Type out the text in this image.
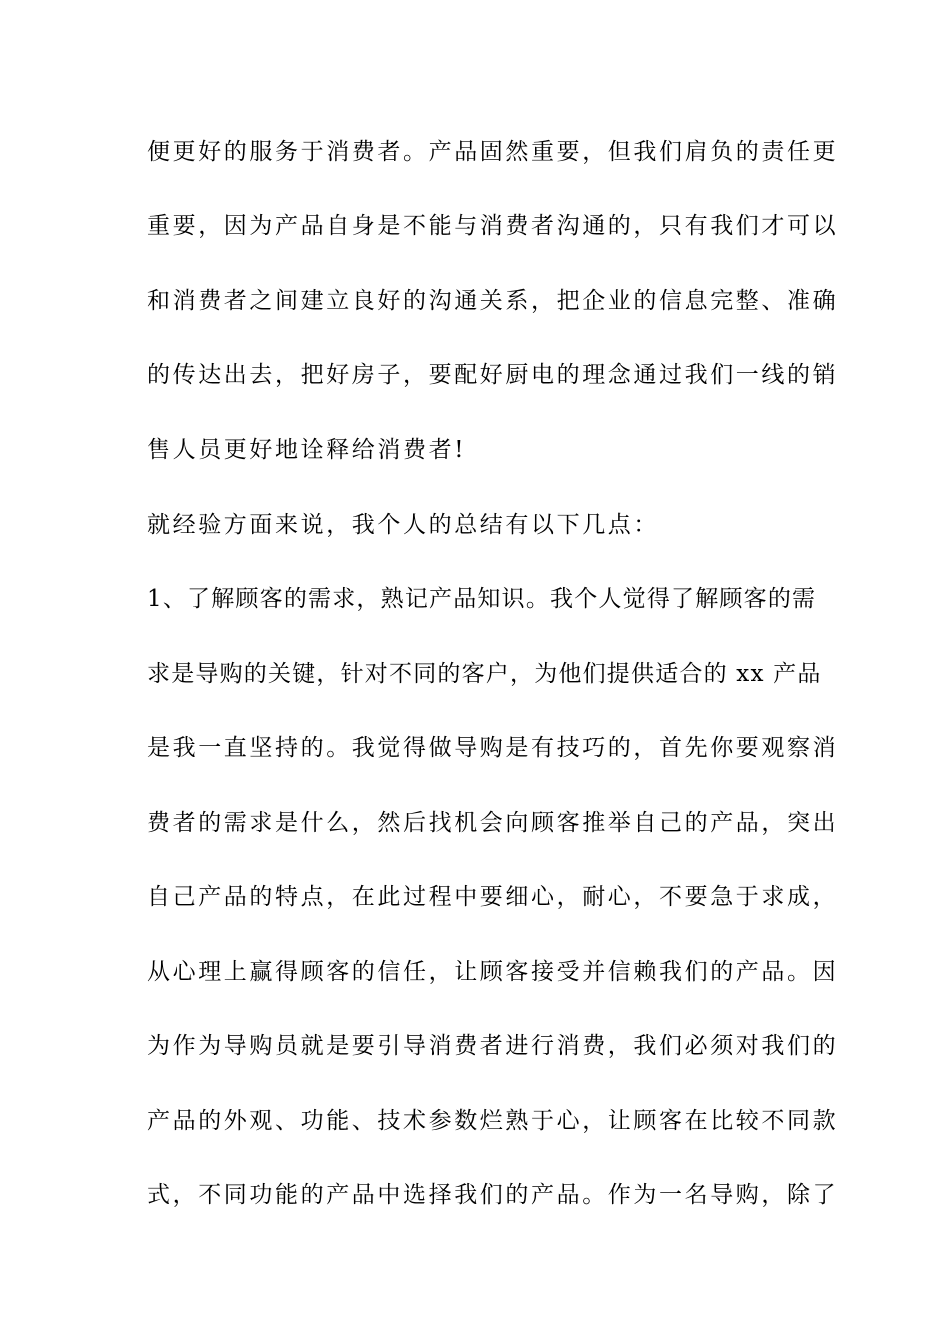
便更好的服务于消费者。产品固然重要，但我们肩负的责任更
重要，因为产品自身是不能与消费者沟通的，只有我们才可以
和消费者之间建立良好的沟通关系，把企业的信息完整、准确
的传达出去，把好房子，要配好厨电的理念通过我们一线的销
售人员更好地诠释给消费者!
就经验方面来说，我个人的总结有以下几点：
1、了解顾客的需求，熟记产品知识。我个人觉得了解顾客的需
求是导购的关键，针对不同的客户，为他们提供适合的 xx 产品
是我一直坚持的。我觉得做导购是有技巧的，首先你要观察消
费者的需求是什么，然后找机会向顾客推举自己的产品，突出
自己产品的特点，在此过程中要细心，耐心，不要急于求成，
从心理上赢得顾客的信任，让顾客接受并信赖我们的产品。因
为作为导购员就是要引导消费者进行消费，我们必须对我们的
产品的外观、功能、技术参数烂熟于心，让顾客在比较不同款
式，不同功能的产品中选择我们的产品。作为一名导购，除了
